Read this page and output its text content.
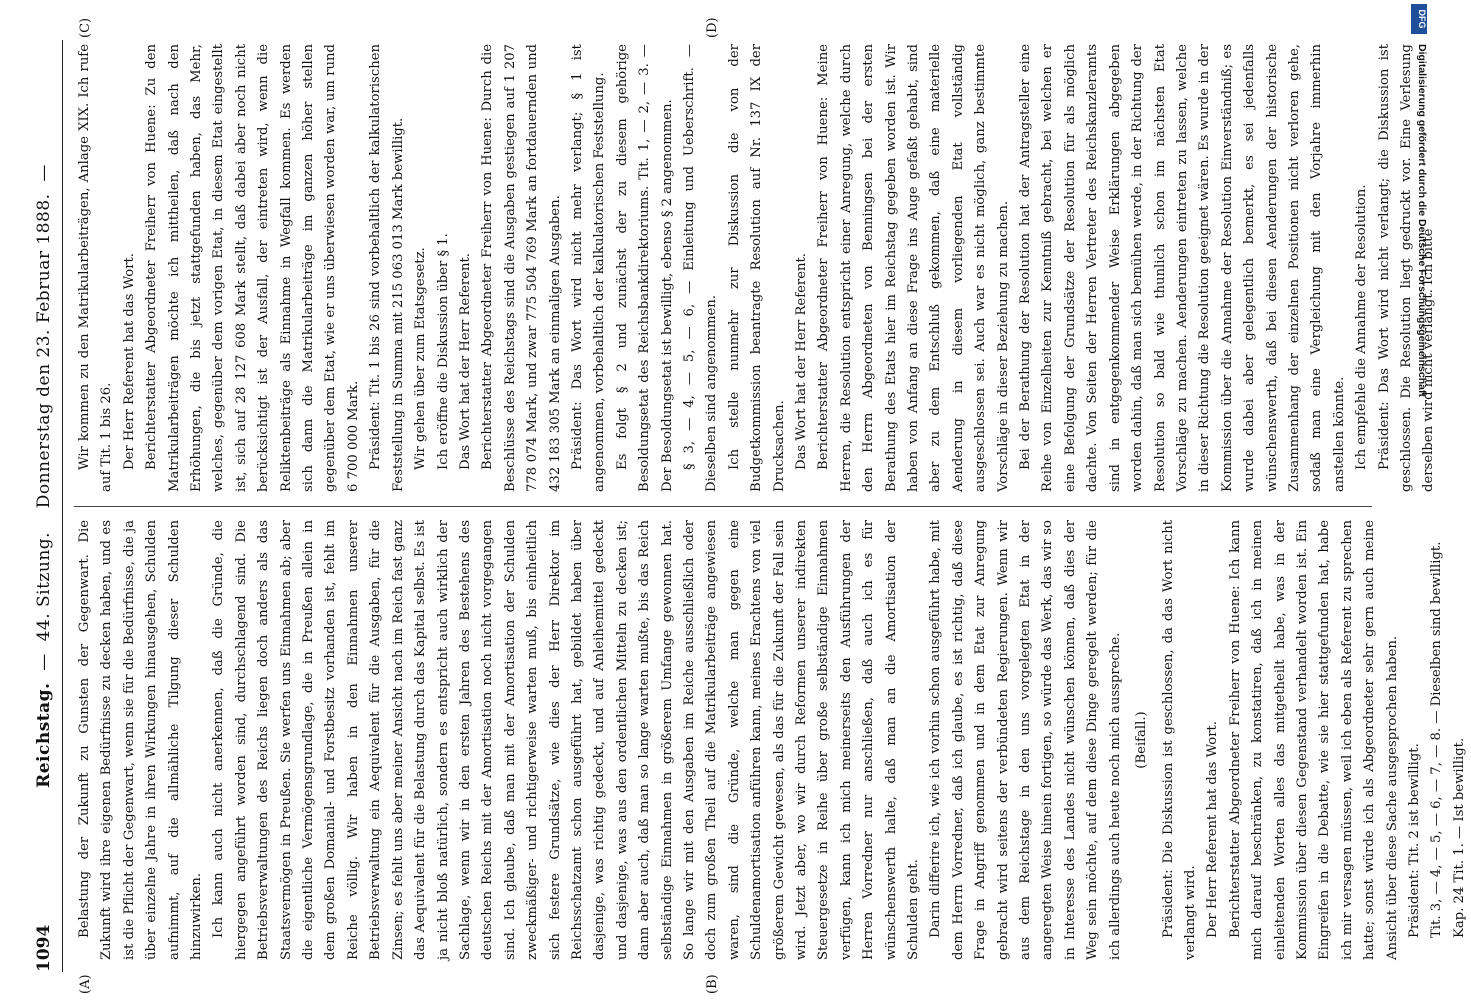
1094
Reichstag.  —  44. Sitzung.    Donnerstag den 23. Februar 1888.  —
(A)	(B)
(C)	(D)

Belastung der Zukunft zu Gunsten der Gegenwart. Die Zukunft wird ihre eigenen Bedürfnisse zu decken haben, und es ist die Pflicht der Gegenwart, wenn sie für die Bedürfnisse, die ja über einzelne Jahre in ihren Wirkungen hinausgehen, Schulden aufnimmt, auf die allmähliche Tilgung dieser Schulden hinzuwirken. Ich kann auch nicht anerkennen, daß die Gründe, die hiergegen angeführt worden sind, durchschlagend sind. Die Betriebsverwaltungen des Reichs liegen doch anders als das Staatsvermögen in Preußen. Sie werfen uns Einnahmen ab; aber die eigentliche Vermögensgrundlage, die in Preußen allein in dem großen Domanial- und Forstbesitz vorhanden ist, fehlt im Reiche völlig. Wir haben in den Einnahmen unserer Betriebsverwaltung ein Aequivalent für die Ausgaben, für die Zinsen; es fehlt uns aber meiner Ansicht nach im Reich fast ganz das Aequivalent für die Belastung durch das Kapital selbst. Es ist ja nicht bloß natürlich, sondern es entspricht auch wirklich der Sachlage, wenn wir in den ersten Jahren des Bestehens des deutschen Reichs mit der Amortisation noch nicht vorgegangen sind. Ich glaube, daß man mit der Amortisation der Schulden zweckmäßiger- und richtigerweise warten muß, bis einheitlich sich festere Grundsätze, wie dies der Herr Direktor im Reichsschatzamt schon ausgeführt hat, gebildet haben über dasjenige, was richtig gedeckt, und auf Anleihemittel gedeckt und dasjenige, was aus den ordentlichen Mitteln zu decken ist; dann aber auch, daß man so lange warten mußte, bis das Reich selbständige Einnahmen in größerem Umfange gewonnen hat. So lange wir mit den Ausgaben im Reiche ausschließlich oder doch zum großen Theil auf die Matrikularbeiträge angewiesen waren, sind die Gründe, welche man gegen eine Schuldenamortisation anführen kann, meines Erachtens von viel größerem Gewicht gewesen, als das für die Zukunft der Fall sein wird. Jetzt aber, wo wir durch Reformen unserer indirekten Steuergesetze in Reihe über große selbständige Einnahmen verfügen, kann ich mich meinerseits den Ausführungen der Herren Vorredner nur anschließen, daß auch ich es für wünschenswerth halte, daß man an die Amortisation der Schulden geht. Darin differire ich, wie ich vorhin schon ausgeführt habe, mit dem Herrn Vorredner, daß ich glaube, es ist richtig, daß diese Frage in Angriff genommen und in dem Etat zur Anregung gebracht wird seitens der verbündeten Regierungen. Wenn wir aus dem Reichstage in den uns vorgelegten Etat in der angeregten Weise hinein fortigen, so würde das Werk, das wir so in Interesse des Landes nicht wünschen können, daß dies der Weg sein möchte, auf dem diese Dinge geregelt werden; für die ich allerdings auch heute noch mich ausspreche. (Beifall.) Präsident: Die Diskussion ist geschlossen, da das Wort nicht verlangt wird. Der Herr Referent hat das Wort. Berichterstatter Abgeordneter Freiherr von Huene: Ich kann mich darauf beschränken, zu konstatiren, daß ich in meinen einleitenden Worten alles das mitgetheilt habe, was in der Kommission über diesen Gegenstand verhandelt worden ist. Ein Eingreifen in die Debatte, wie sie hier stattgefunden hat, habe ich mir versagen müssen, weil ich eben als Referent zu sprechen hatte; sonst würde ich als Abgeordneter sehr gern auch meine Ansicht über diese Sache ausgesprochen haben. Präsident: Tit. 2 ist bewilligt. Tit. 3, — 4, — 5, — 6, — 7, — 8. — Dieselben sind bewilligt. Kap. 24 Tit. 1. — Ist bewilligt.

Wir kommen zu den Matrikularbeiträgen, Anlage XIX. Ich rufe auf Tit. 1 bis 26. Der Herr Referent hat das Wort. Berichterstatter Abgeordneter Freiherr von Huene: Zu den Matrikularbeiträgen möchte ich mittheilen, daß nach den Erhöhungen, die bis jetzt stattgefunden haben, das Mehr, welches, gegenüber dem vorigen Etat, in diesem Etat eingestellt ist, sich auf 28 127 608 Mark stellt, daß dabei aber noch nicht berücksichtigt ist der Ausfall, der eintreten wird, wenn die Reliktenbeiträge als Einnahme in Wegfall kommen. Es werden sich dann die Matrikularbeiträge im ganzen höher stellen gegenüber dem Etat, wie er uns überwiesen worden war, um rund 6 700 000 Mark. Präsident: Tit. 1 bis 26 sind vorbehaltlich der kalkulatorischen Feststellung in Summa mit 215 063 013 Mark bewilligt. Wir gehen über zum Etatsgesetz. Ich eröffne die Diskussion über § 1. Das Wort hat der Herr Referent. Berichterstatter Abgeordneter Freiherr von Huene: Durch die Beschlüsse des Reichstags sind die Ausgaben gestiegen auf 1 207 778 074 Mark, und zwar 775 504 769 Mark an fortdauernden und 432 183 305 Mark an einmaligen Ausgaben. Präsident: Das Wort wird nicht mehr verlangt; § 1 ist angenommen, vorbehaltlich der kalkulatorischen Feststellung. Es folgt § 2 und zunächst der zu diesem gehörige Besoldungsetat des Reichsbankdirektoriums. Tit. 1, — 2, — 3. — Der Besoldungsetat ist bewilligt, ebenso § 2 angenommen. § 3, — 4, — 5, — 6, — Einleitung und Ueberschrift. — Dieselben sind angenommen. Ich stelle nunmehr zur Diskussion die von der Budgetkommission beantragte Resolution auf Nr. 137 IX der Drucksachen. Das Wort hat der Herr Referent. Berichterstatter Abgeordneter Freiherr von Huene: Meine Herren, die Resolution entspricht einer Anregung, welche durch den Herrn Abgeordneten von Benningsen bei der ersten Berathung des Etats hier im Reichstag gegeben worden ist. Wir haben von Anfang an diese Frage ins Auge gefaßt gehabt, sind aber zu dem Entschluß gekommen, daß eine materielle Aenderung in diesem vorliegenden Etat vollständig ausgeschlossen sei. Auch war es nicht möglich, ganz bestimmte Vorschläge in dieser Beziehung zu machen. Bei der Berathung der Resolution hat der Antragsteller eine Reihe von Einzelheiten zur Kenntniß gebracht, bei welchen er eine Befolgung der Grundsätze der Resolution für als möglich dachte. Von Seiten der Herren Vertreter des Reichskanzleramts sind in entgegenkommender Weise Erklärungen abgegeben worden dahin, daß man sich bemühen werde, in der Richtung der Resolution so bald wie thunlich schon im nächsten Etat Vorschläge zu machen. Aenderungen eintreten zu lassen, welche in dieser Richtung die Resolution geeignet wären. Es wurde in der Kommission über die Annahme der Resolution Einverständniß; es wurde dabei aber gelegentlich bemerkt, es sei jedenfalls wünschenswerth, daß bei diesen Aenderungen der historische Zusammenhang der einzelnen Positionen nicht verloren gehe, sodaß man eine Vergleichung mit den Vorjahre immerhin anstellen könnte. Ich empfehle die Annahme der Resolution. Präsident: Das Wort wird nicht verlangt; die Diskussion ist geschlossen. Die Resolution liegt gedruckt vor. Eine Verlesung derselben wird nicht verlangt. Ich bitte

DFG
Digitalisierung gefördert durch die Deutsche Forschungsgemeinschaft
